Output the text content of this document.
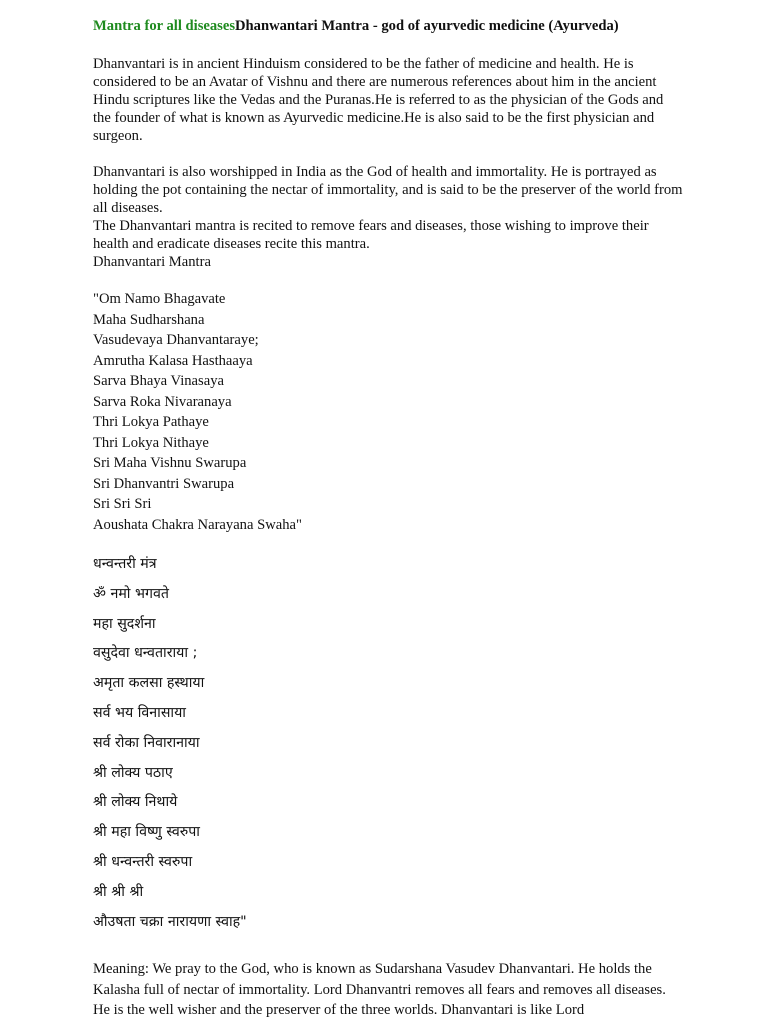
Mantra for all diseasesDhanwantari Mantra - god of ayurvedic medicine (Ayurveda)

Dhanvantari is in ancient Hinduism considered to be the father of medicine and health. He is considered to be an Avatar of Vishnu and there are numerous references about him in the ancient Hindu scriptures like the Vedas and the Puranas.He is referred to as the physician of the Gods and the founder of what is known as Ayurvedic medicine.He is also said to be the first physician and surgeon.

Dhanvantari is also worshipped in India as the God of health and immortality. He is portrayed as holding the pot containing the nectar of immortality, and is said to be the preserver of the world from all diseases.

The Dhanvantari mantra is recited to remove fears and diseases, those wishing to improve their health and eradicate diseases recite this mantra.

Dhanvantari Mantra

"Om Namo Bhagavate
Maha Sudharshana
Vasudevaya Dhanvantaraye;
Amrutha Kalasa Hasthaaya
Sarva Bhaya Vinasaya
Sarva Roka Nivaranaya
Thri Lokya Pathaye
Thri Lokya Nithaye
Sri Maha Vishnu Swarupa
Sri Dhanvantri Swarupa
Sri Sri Sri
Aoushata Chakra Narayana Swaha"
धन्वन्तरी मंत्र
ॐ नमो भगवते
महा सुदर्शना
वसुदेवा धन्वताराया ;
अमृता कलसा हस्थाया
सर्व भय विनासाया
सर्व रोका निवारानाया
श्री लोक्य पठाए
श्री लोक्य निथाये
श्री महा विष्णु स्वरुपा
श्री धन्वन्तरी स्वरुपा
श्री श्री श्री
औउषता चक्रा नारायणा स्वाह"

Meaning: We pray to the God, who is known as Sudarshana Vasudev Dhanvantari. He holds the Kalasha full of nectar of immortality. Lord Dhanvantri removes all fears and removes all diseases. He is the well wisher and the preserver of the three worlds. Dhanvantari is like Lord
